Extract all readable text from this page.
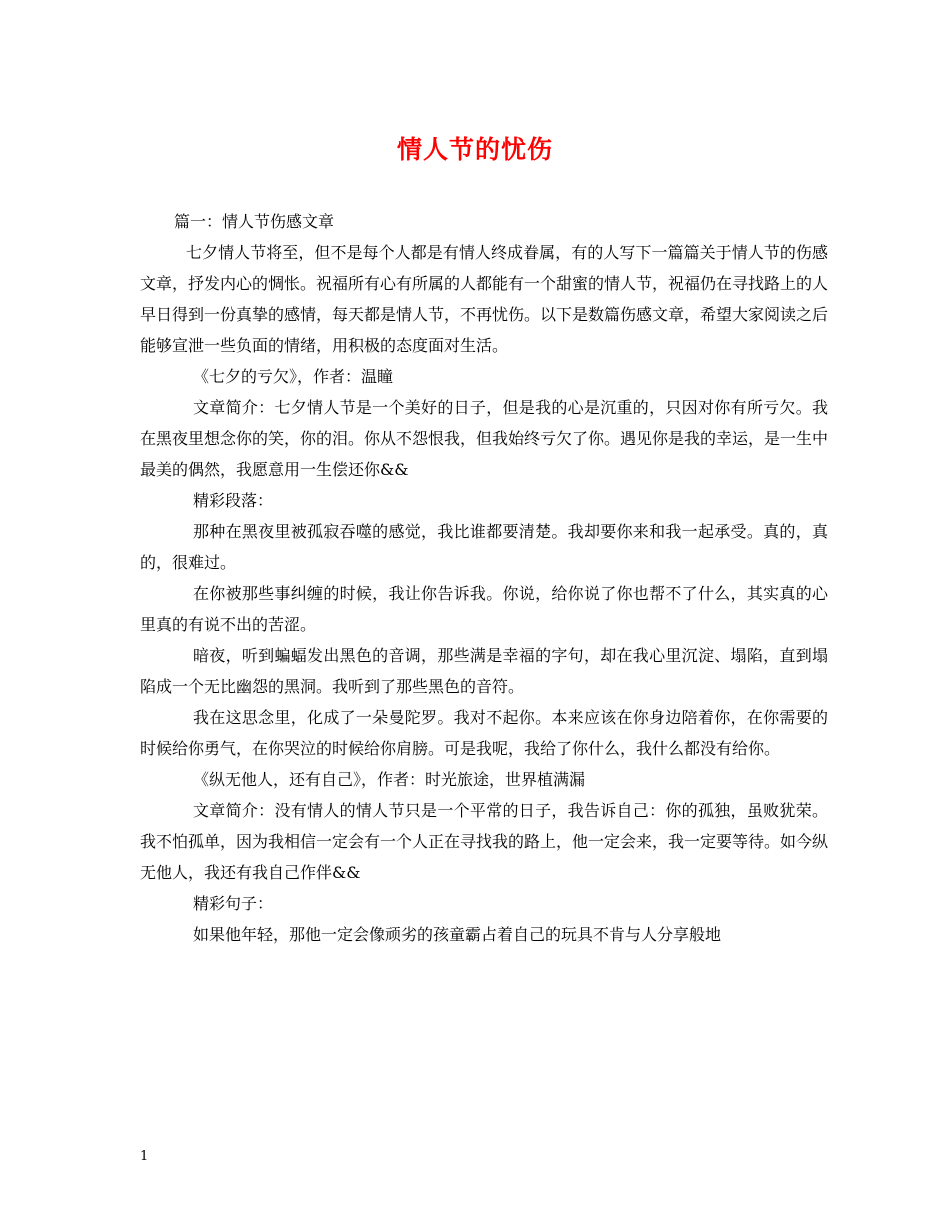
情人节的忧伤

篇一：情人节伤感文章

七夕情人节将至，但不是每个人都是有情人终成眷属，有的人写下一篇篇关于情人节的伤感文章，抒发内心的惆怅。祝福所有心有所属的人都能有一个甜蜜的情人节，祝福仍在寻找路上的人早日得到一份真挚的感情，每天都是情人节，不再忧伤。以下是数篇伤感文章，希望大家阅读之后能够宣泄一些负面的情绪，用积极的态度面对生活。

《七夕的亏欠》，作者：温瞳

文章简介：七夕情人节是一个美好的日子，但是我的心是沉重的，只因对你有所亏欠。我在黑夜里想念你的笑，你的泪。你从不怨恨我，但我始终亏欠了你。遇见你是我的幸运，是一生中最美的偶然，我愿意用一生偿还你&&

精彩段落：

那种在黑夜里被孤寂吞噬的感觉，我比谁都要清楚。我却要你来和我一起承受。真的，真的，很难过。

在你被那些事纠缠的时候，我让你告诉我。你说，给你说了你也帮不了什么，其实真的心里真的有说不出的苦涩。

暗夜，听到蝙蝠发出黑色的音调，那些满是幸福的字句，却在我心里沉淀、塌陷，直到塌陷成一个无比幽怨的黑洞。我听到了那些黑色的音符。

我在这思念里，化成了一朵曼陀罗。我对不起你。本来应该在你身边陪着你，在你需要的时候给你勇气，在你哭泣的时候给你肩膀。可是我呢，我给了你什么，我什么都没有给你。

《纵无他人，还有自己》，作者：时光旅途，世界植满漏

文章简介：没有情人的情人节只是一个平常的日子，我告诉自己：你的孤独，虽败犹荣。我不怕孤单，因为我相信一定会有一个人正在寻找我的路上，他一定会来，我一定要等待。如今纵无他人，我还有我自己作伴&&

精彩句子：

如果他年轻，那他一定会像顽劣的孩童霸占着自己的玩具不肯与人分享般地

1
